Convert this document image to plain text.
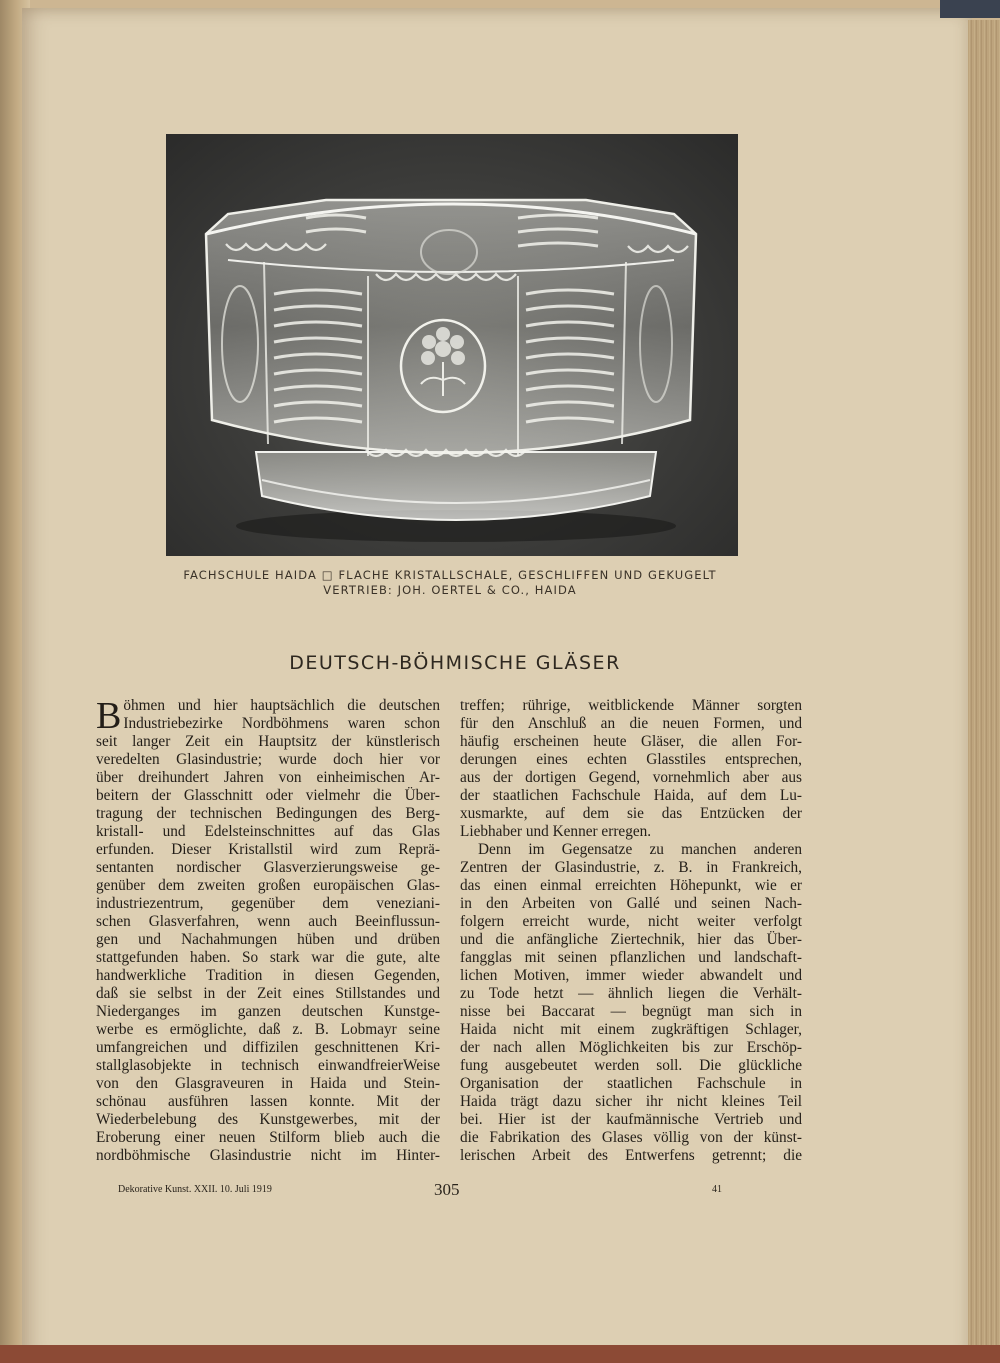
FACHSCHULE HAIDA □ FLACHE KRISTALLSCHALE, GESCHLIFFEN UND GEKUGELT
VERTRIEB: JOH. OERTEL & CO., HAIDA
DEUTSCH-BÖHMISCHE GLÄSER
B öhmen und hier hauptsächlich die deutschen
Industriebezirke Nordböhmens waren schon
seit langer Zeit ein Hauptsitz der künstlerisch
veredelten Glasindustrie; wurde doch hier vor
über dreihundert Jahren von einheimischen Ar-
beitern der Glasschnitt oder vielmehr die Über-
tragung der technischen Bedingungen des Berg-
kristall- und Edelsteinschnittes auf das Glas
erfunden. Dieser Kristallstil wird zum Reprä-
sentanten nordischer Glasverzierungsweise ge-
genüber dem zweiten großen europäischen Glas-
industriezentrum, gegenüber dem veneziani-
schen Glasverfahren, wenn auch Beeinflussun-
gen und Nachahmungen hüben und drüben
stattgefunden haben. So stark war die gute, alte
handwerkliche Tradition in diesen Gegenden,
daß sie selbst in der Zeit eines Stillstandes und
Niederganges im ganzen deutschen Kunstge-
werbe es ermöglichte, daß z. B. Lobmayr seine
umfangreichen und diffizilen geschnittenen Kri-
stallglasobjekte in technisch einwandfreierWeise
von den Glasgraveuren in Haida und Stein-
schönau ausführen lassen konnte. Mit der
Wiederbelebung des Kunstgewerbes, mit der
Eroberung einer neuen Stilform blieb auch die
nordböhmische Glasindustrie nicht im Hinter-
treffen; rührige, weitblickende Männer sorgten
für den Anschluß an die neuen Formen, und
häufig erscheinen heute Gläser, die allen For-
derungen eines echten Glasstiles entsprechen,
aus der dortigen Gegend, vornehmlich aber aus
der staatlichen Fachschule Haida, auf dem Lu-
xusmarkte, auf dem sie das Entzücken der
Liebhaber und Kenner erregen.
Denn im Gegensatze zu manchen anderen
Zentren der Glasindustrie, z. B. in Frankreich,
das einen einmal erreichten Höhepunkt, wie er
in den Arbeiten von Gallé und seinen Nach-
folgern erreicht wurde, nicht weiter verfolgt
und die anfängliche Ziertechnik, hier das Über-
fangglas mit seinen pflanzlichen und landschaft-
lichen Motiven, immer wieder abwandelt und
zu Tode hetzt — ähnlich liegen die Verhält-
nisse bei Baccarat — begnügt man sich in
Haida nicht mit einem zugkräftigen Schlager,
der nach allen Möglichkeiten bis zur Erschöp-
fung ausgebeutet werden soll. Die glückliche
Organisation der staatlichen Fachschule in
Haida trägt dazu sicher ihr nicht kleines Teil
bei. Hier ist der kaufmännische Vertrieb und
die Fabrikation des Glases völlig von der künst-
lerischen Arbeit des Entwerfens getrennt; die
Dekorative Kunst. XXII. 10. Juli 1919	305	41
